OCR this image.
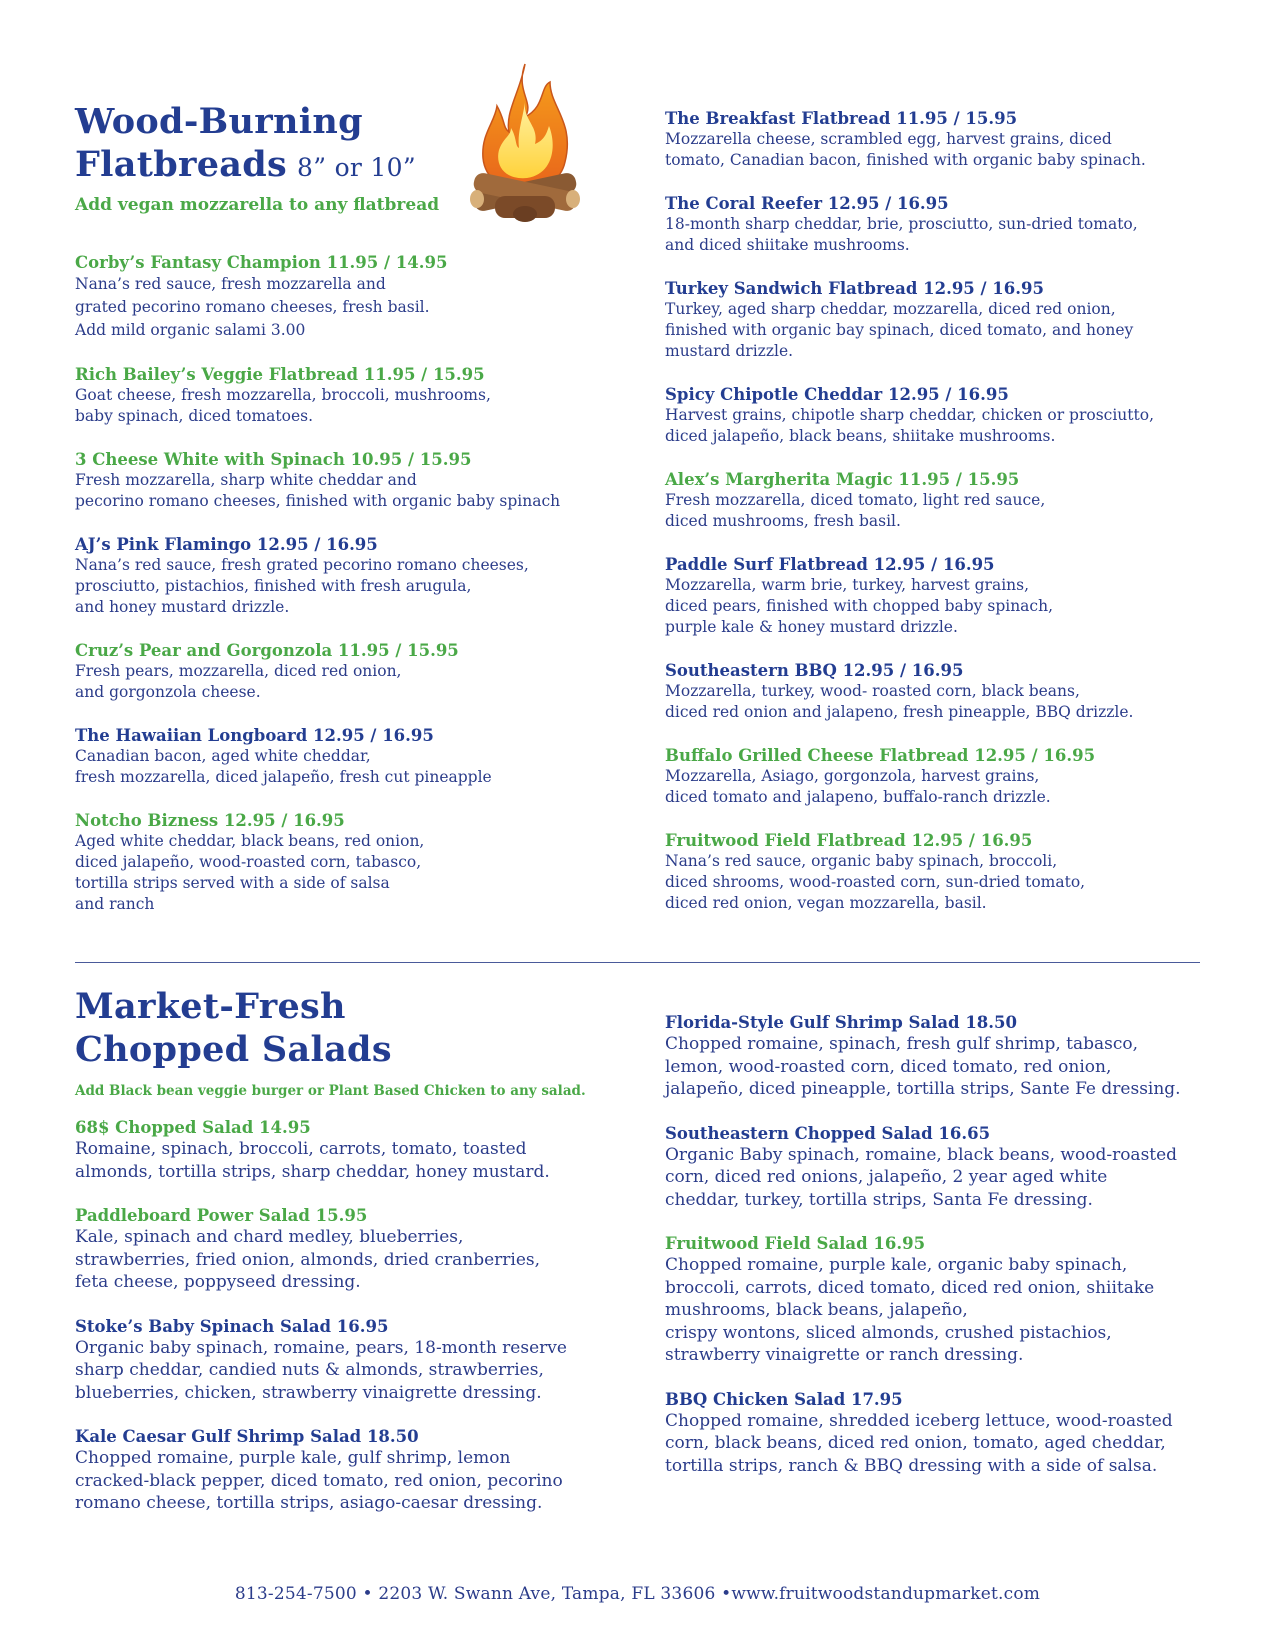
Wood-Burning
Flatbreads 8” or 10”
Add vegan mozzarella to any flatbread
Corby’s Fantasy Champion 11.95 / 14.95
Nana’s red sauce, fresh mozzarella and
grated pecorino romano cheeses, fresh basil.
Add mild organic salami 3.00
Rich Bailey’s Veggie Flatbread 11.95 / 15.95
Goat cheese, fresh mozzarella, broccoli, mushrooms,
baby spinach, diced tomatoes.
3 Cheese White with Spinach 10.95 / 15.95
Fresh mozzarella, sharp white cheddar and
pecorino romano cheeses, finished with organic baby spinach
AJ’s Pink Flamingo 12.95 / 16.95
Nana’s red sauce, fresh grated pecorino romano cheeses,
prosciutto, pistachios, finished with fresh arugula,
and honey mustard drizzle.
Cruz’s Pear and Gorgonzola 11.95 / 15.95
Fresh pears, mozzarella, diced red onion,
and gorgonzola cheese.
The Hawaiian Longboard 12.95 / 16.95
Canadian bacon, aged white cheddar,
fresh mozzarella, diced jalapeño, fresh cut pineapple
Notcho Bizness 12.95 / 16.95
Aged white cheddar, black beans, red onion,
diced jalapeño, wood-roasted corn, tabasco,
tortilla strips served with a side of salsa
and ranch
The Breakfast Flatbread 11.95 / 15.95
Mozzarella cheese, scrambled egg, harvest grains, diced
tomato, Canadian bacon, finished with organic baby spinach.
The Coral Reefer 12.95 / 16.95
18-month sharp cheddar, brie, prosciutto, sun-dried tomato,
and diced shiitake mushrooms.
Turkey Sandwich Flatbread 12.95 / 16.95
Turkey, aged sharp cheddar, mozzarella, diced red onion,
finished with organic bay spinach, diced tomato, and honey
mustard drizzle.
Spicy Chipotle Cheddar 12.95 / 16.95
Harvest grains, chipotle sharp cheddar, chicken or prosciutto,
diced jalapeño, black beans, shiitake mushrooms.
Alex’s Margherita Magic 11.95 / 15.95
Fresh mozzarella, diced tomato, light red sauce,
diced mushrooms, fresh basil.
Paddle Surf Flatbread 12.95 / 16.95
Mozzarella, warm brie, turkey, harvest grains,
diced pears, finished with chopped baby spinach,
purple kale & honey mustard drizzle.
Southeastern BBQ 12.95 / 16.95
Mozzarella, turkey, wood- roasted corn, black beans,
diced red onion and jalapeno, fresh pineapple, BBQ drizzle.
Buffalo Grilled Cheese Flatbread 12.95 / 16.95
Mozzarella, Asiago, gorgonzola, harvest grains,
diced tomato and jalapeno, buffalo-ranch drizzle.
Fruitwood Field Flatbread 12.95 / 16.95
Nana’s red sauce, organic baby spinach, broccoli,
diced shrooms, wood-roasted corn, sun-dried tomato,
diced red onion, vegan mozzarella, basil.
Market-Fresh
Chopped Salads
Add Black bean veggie burger or Plant Based Chicken to any salad.
68$ Chopped Salad 14.95
Romaine, spinach, broccoli, carrots, tomato, toasted
almonds, tortilla strips, sharp cheddar, honey mustard.
Paddleboard Power Salad 15.95
Kale, spinach and chard medley, blueberries,
strawberries, fried onion, almonds, dried cranberries,
feta cheese, poppyseed dressing.
Stoke’s Baby Spinach Salad 16.95
Organic baby spinach, romaine, pears, 18-month reserve
sharp cheddar, candied nuts & almonds, strawberries,
blueberries, chicken, strawberry vinaigrette dressing.
Kale Caesar Gulf Shrimp Salad 18.50
Chopped romaine, purple kale, gulf shrimp, lemon
cracked-black pepper, diced tomato, red onion, pecorino
romano cheese, tortilla strips, asiago-caesar dressing.
Florida-Style Gulf Shrimp Salad 18.50
Chopped romaine, spinach, fresh gulf shrimp, tabasco,
lemon, wood-roasted corn, diced tomato, red onion,
jalapeño, diced pineapple, tortilla strips, Sante Fe dressing.
Southeastern Chopped Salad 16.65
Organic Baby spinach, romaine, black beans, wood-roasted
corn, diced red onions, jalapeño, 2 year aged white
cheddar, turkey, tortilla strips, Santa Fe dressing.
Fruitwood Field Salad 16.95
Chopped romaine, purple kale, organic baby spinach,
broccoli, carrots, diced tomato, diced red onion, shiitake
mushrooms, black beans, jalapeño,
crispy wontons, sliced almonds, crushed pistachios,
strawberry vinaigrette or ranch dressing.
BBQ Chicken Salad 17.95
Chopped romaine, shredded iceberg lettuce, wood-roasted
corn, black beans, diced red onion, tomato, aged cheddar,
tortilla strips, ranch & BBQ dressing with a side of salsa.
813-254-7500 • 2203 W. Swann Ave, Tampa, FL 33606 •www.fruitwoodstandupmarket.com
